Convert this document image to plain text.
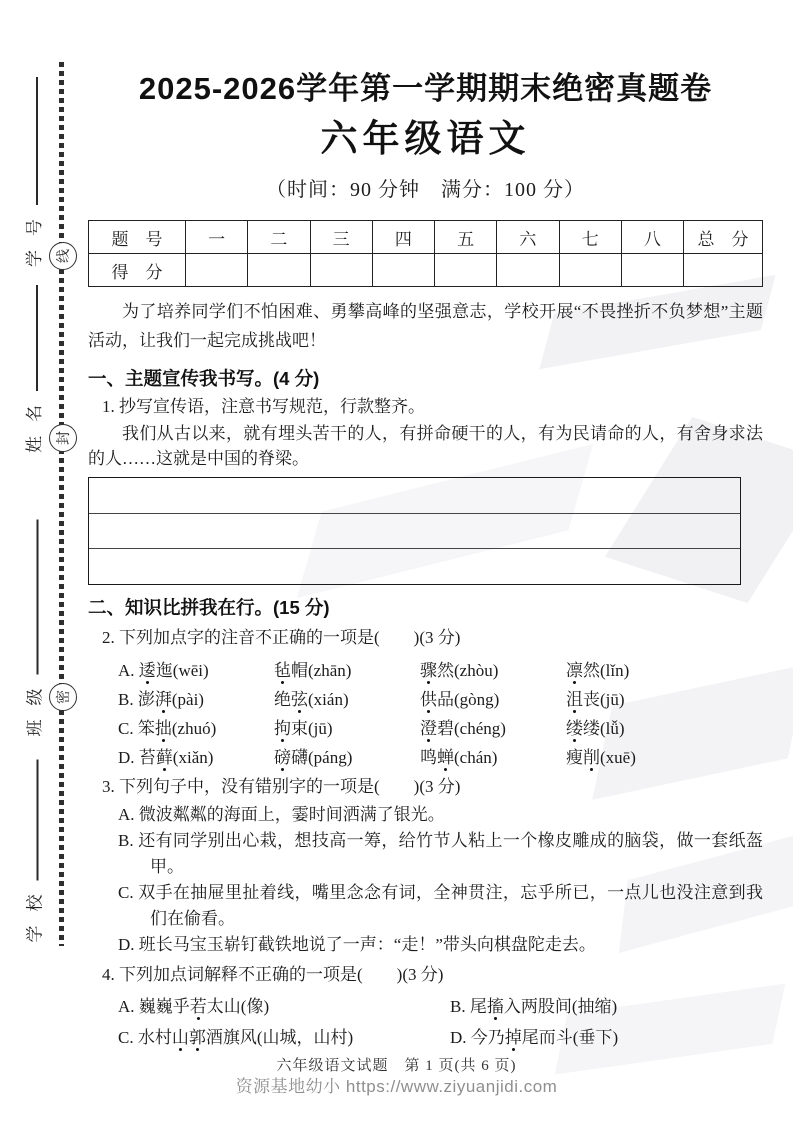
学号
姓名
班级
学校
线
封
密
2025-2026学年第一学期期末绝密真题卷
六年级语文
（时间：90 分钟　满分：100 分）
题　号	一	二	三	四	五	六	七	八	总　分
得　分									

为了培养同学们不怕困难、勇攀高峰的坚强意志，学校开展“不畏挫折不负梦想”主题活动，让我们一起完成挑战吧！

一、主题宣传我书写。(4 分)
1. 抄写宣传语，注意书写规范，行款整齐。

我们从古以来，就有埋头苦干的人，有拼命硬干的人，有为民请命的人，有舍身求法的人……这就是中国的脊梁。

二、知识比拼我在行。(15 分)
2. 下列加点字的注音不正确的一项是(　　)(3 分)
A. 逶迤(wēi)	毡帽(zhān)	骤然(zhòu)	凛然(lǐn)
B. 澎湃(pài)	绝弦(xián)	供品(gòng)	沮丧(jū)
C. 笨拙(zhuó)	拘束(jū)	澄碧(chéng)	缕缕(lǚ)
D. 苔藓(xiǎn)	磅礴(páng)	鸣蝉(chán)	瘦削(xuē)
3. 下列句子中，没有错别字的一项是(　　)(3 分)
A. 微波粼粼的海面上，霎时间洒满了银光。
B. 还有同学别出心栽，想技高一筹，给竹节人粘上一个橡皮雕成的脑袋，做一套纸盔甲。
C. 双手在抽屉里扯着线，嘴里念念有词，全神贯注，忘乎所已，一点儿也没注意到我们在偷看。
D. 班长马宝玉崭钉截铁地说了一声：“走！”带头向棋盘陀走去。
4. 下列加点词解释不正确的一项是(　　)(3 分)
A. 巍巍乎若太山(像)	B. 尾搐入两股间(抽缩)
C. 水村山郭酒旗风(山城，山村)	D. 今乃掉尾而斗(垂下)
六年级语文试题　第 1 页(共 6 页)
资源基地幼小 https://www.ziyuanjidi.com
